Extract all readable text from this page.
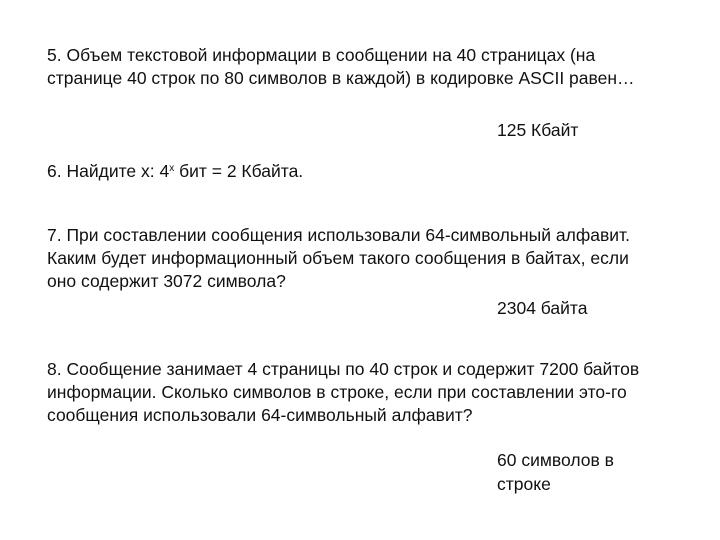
5. Объем текстовой информации в сообщении на 40 страницах (на
странице 40 строк по 80 символов в каждой) в кодировке ASCII равен…

125 Кбайт

6. Найдите x: 4$^x$ бит = 2 Кбайта.

7. При составлении сообщения использовали 64-символьный алфавит.
Каким будет информационный объем такого сообщения в байтах, если
оно содержит 3072 символа?

2304 байта

8. Сообщение занимает 4 страницы по 40 строк и содержит 7200 байтов
информации. Сколько символов в строке, если при составлении это-го
сообщения использовали 64-символьный алфавит?

60 символов в
строке
